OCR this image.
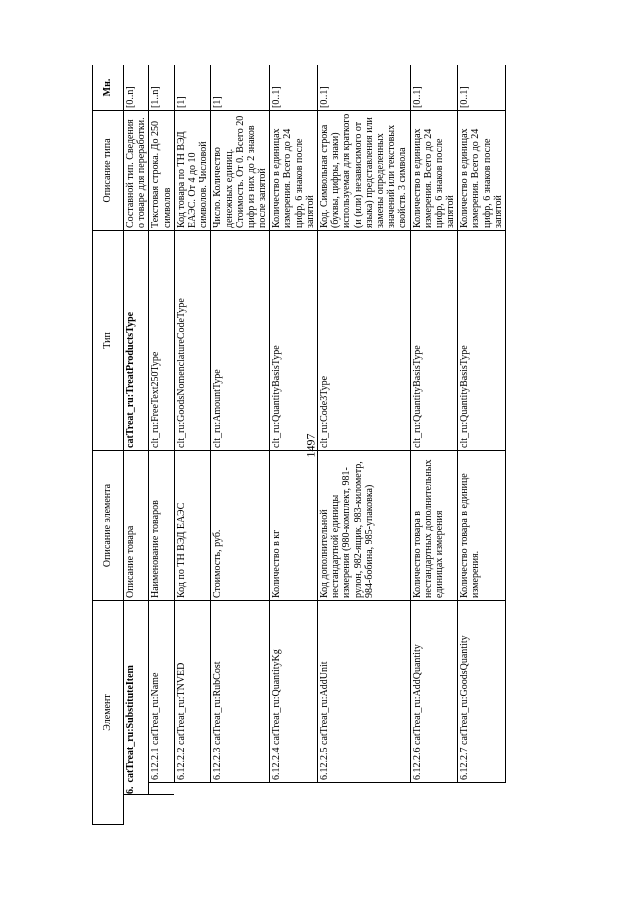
1497
Элемент			Описание элемента	Тип	Описание типа	Мн.
	6.	catTreat_ru:SubstituteItem	Описание товара	catTreat_ru:TreatProductsType	Составной тип. Сведения о товаре для переработки.	[0..n]
		6.12.2.1 catTreat_ru:Name	Наименование товаров	clt_ru:FreeText250Type	Текстовая строка. До 250 символов	[1..n]
		6.12.2.2 catTreat_ru:TNVED	Код по ТН ВЭД ЕАЭС	clt_ru:GoodsNomenclatureCodeType	Код товара по ТН ВЭД ЕАЭС. От 4 до 10 символов. Числовой	[1]
		6.12.2.3 catTreat_ru:RubCost	Стоимость, руб.	clt_ru:AmountType	Число. Количество денежных единиц. Стоимость. От 0. Всего 20 цифр из них до 2 знаков после запятой	[1]
		6.12.2.4 catTreat_ru:QuantityKg	Количество в кг	clt_ru:QuantityBasisType	Количество в единицах измерения. Всего до 24 цифр, 6 знаков после запятой	[0..1]
		6.12.2.5 catTreat_ru:AddUnit	Код дополнительной нестандартной единицы измерения (980-комплект, 981-рулон, 982-ящик, 983-километр, 984-бобина, 985-упаковка)	clt_ru:Code3Type	Код. Символьная строка (буквы, цифры, знаки) используемая для краткого (и (или) независимого от языка) представления или замены определенных значений или текстовых свойств. 3 символа	[0..1]
		6.12.2.6 catTreat_ru:AddQuantity	Количество товара в нестандартных дополнительных единицах измерения	clt_ru:QuantityBasisType	Количество в единицах измерения. Всего до 24 цифр, 6 знаков после запятой	[0..1]
		6.12.2.7 catTreat_ru:GoodsQuantity	Количество товара в единице измерения.	clt_ru:QuantityBasisType	Количество в единицах измерения. Всего до 24 цифр, 6 знаков после запятой	[0..1]
